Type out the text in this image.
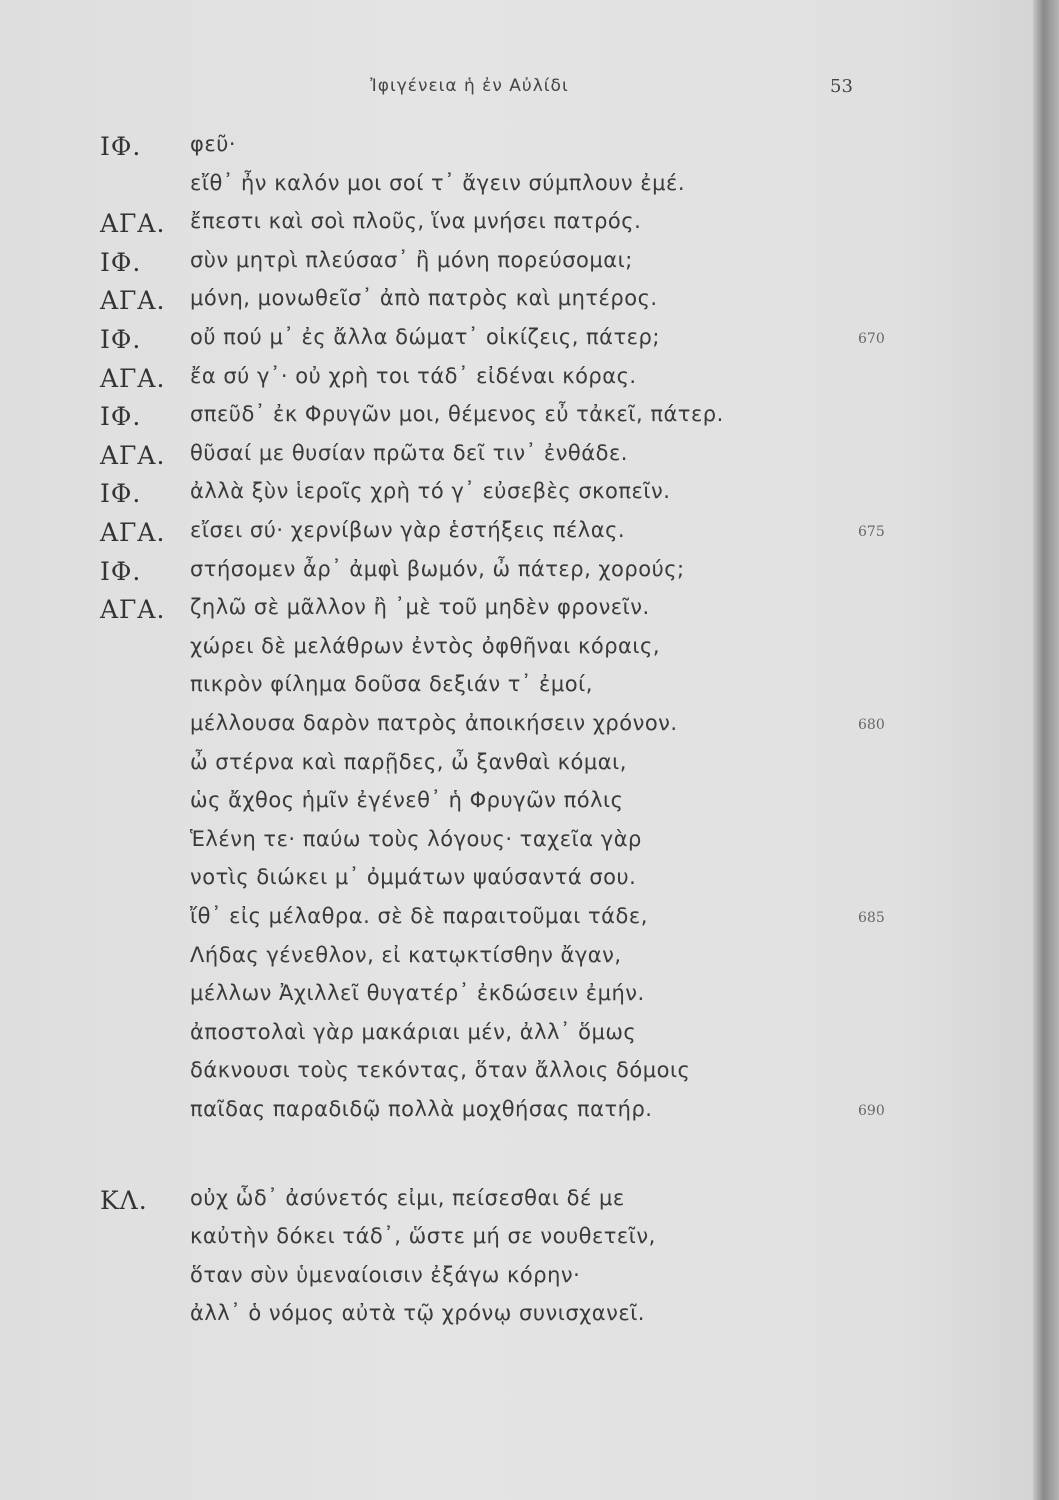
Ἰφιγένεια ἡ ἐν Αὐλίδι	53
ΙΦ. φεῦ·
εἴθ᾽ ἦν καλόν μοι σοί τ᾽ ἄγειν σύμπλουν ἐμέ.
ΑΓΑ. ἔπεστι καὶ σοὶ πλοῦς, ἵνα μνήσει πατρός.
ΙΦ. σὺν μητρὶ πλεύσασ᾽ ἢ μόνη πορεύσομαι;
ΑΓΑ. μόνη, μονωθεῖσ᾽ ἀπὸ πατρὸς καὶ μητέρος.
ΙΦ. οὔ πού μ᾽ ἐς ἄλλα δώματ᾽ οἰκίζεις, πάτερ;	670
ΑΓΑ. ἔα σύ γ᾽· οὐ χρὴ τοι τάδ᾽ εἰδέναι κόρας.
ΙΦ. σπεῦδ᾽ ἐκ Φρυγῶν μοι, θέμενος εὖ τἀκεῖ, πάτερ.
ΑΓΑ. θῦσαί με θυσίαν πρῶτα δεῖ τιν᾽ ἐνθάδε.
ΙΦ. ἀλλὰ ξὺν ἱεροῖς χρὴ τό γ᾽ εὐσεβὲς σκοπεῖν.
ΑΓΑ. εἴσει σύ· χερνίβων γὰρ ἑστήξεις πέλας.	675
ΙΦ. στήσομεν ἆρ᾽ ἀμφὶ βωμόν, ὦ πάτερ, χορούς;
ΑΓΑ. ζηλῶ σὲ μᾶλλον ἢ ᾽μὲ τοῦ μηδὲν φρονεῖν.
χώρει δὲ μελάθρων ἐντὸς ὀφθῆναι κόραις,
πικρὸν φίλημα δοῦσα δεξιάν τ᾽ ἐμοί,
μέλλουσα δαρὸν πατρὸς ἀποικήσειν χρόνον.	680
ὦ στέρνα καὶ παρῇδες, ὦ ξανθαὶ κόμαι,
ὡς ἄχθος ἡμῖν ἐγένεθ᾽ ἡ Φρυγῶν πόλις
Ἑλένη τε· παύω τοὺς λόγους· ταχεῖα γὰρ
νοτὶς διώκει μ᾽ ὀμμάτων ψαύσαντά σου.
ἴθ᾽ εἰς μέλαθρα. σὲ δὲ παραιτοῦμαι τάδε,	685
Λήδας γένεθλον, εἰ κατῳκτίσθην ἄγαν,
μέλλων Ἀχιλλεῖ θυγατέρ᾽ ἐκδώσειν ἐμήν.
ἀποστολαὶ γὰρ μακάριαι μέν, ἀλλ᾽ ὅμως
δάκνουσι τοὺς τεκόντας, ὅταν ἄλλοις δόμοις
παῖδας παραδιδῷ πολλὰ μοχθήσας πατήρ.	690
ΚΛ. οὐχ ὧδ᾽ ἀσύνετός εἰμι, πείσεσθαι δέ με
καὐτὴν δόκει τάδ᾽, ὥστε μή σε νουθετεῖν,
ὅταν σὺν ὑμεναίοισιν ἐξάγω κόρην·
ἀλλ᾽ ὁ νόμος αὐτὰ τῷ χρόνῳ συνισχανεῖ.
